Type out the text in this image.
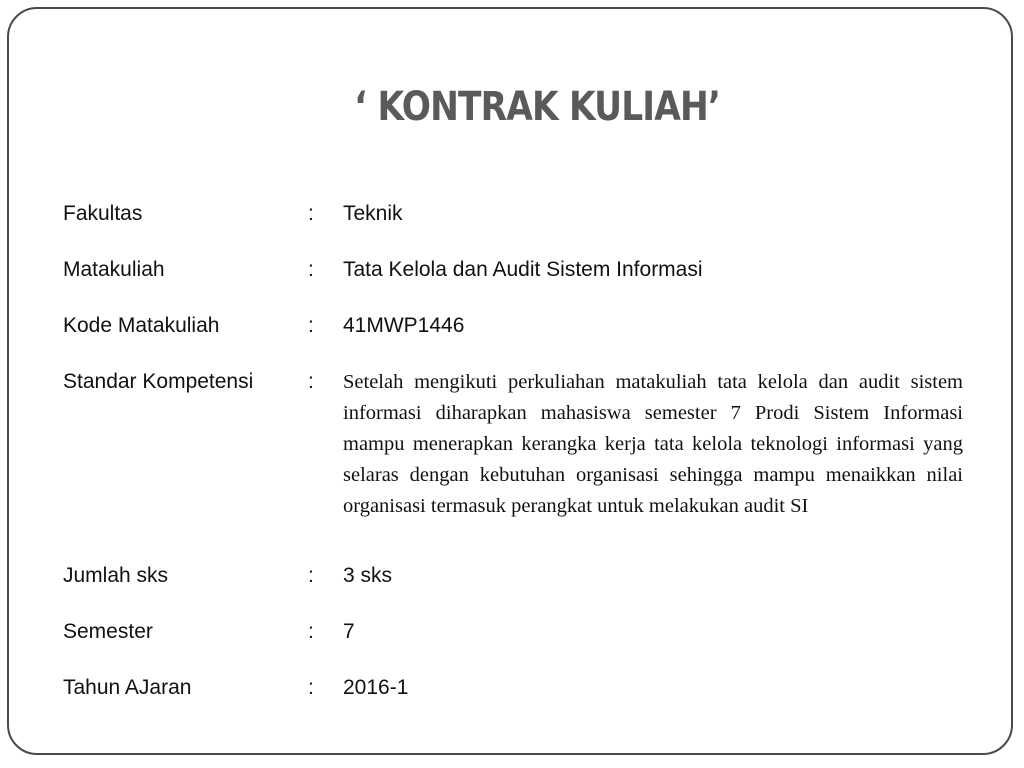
‘ KONTRAK KULIAH’
Fakultas	: Teknik
Matakuliah	: Tata Kelola dan Audit Sistem Informasi
Kode Matakuliah	: 41MWP1446
Standar Kompetensi	: Setelah mengikuti perkuliahan matakuliah tata kelola dan audit sistem informasi diharapkan mahasiswa semester 7 Prodi Sistem Informasi mampu menerapkan kerangka kerja tata kelola teknologi informasi yang selaras dengan kebutuhan organisasi sehingga mampu menaikkan nilai organisasi termasuk perangkat untuk melakukan audit SI
Jumlah sks	: 3 sks
Semester	: 7
Tahun AJaran	: 2016-1
